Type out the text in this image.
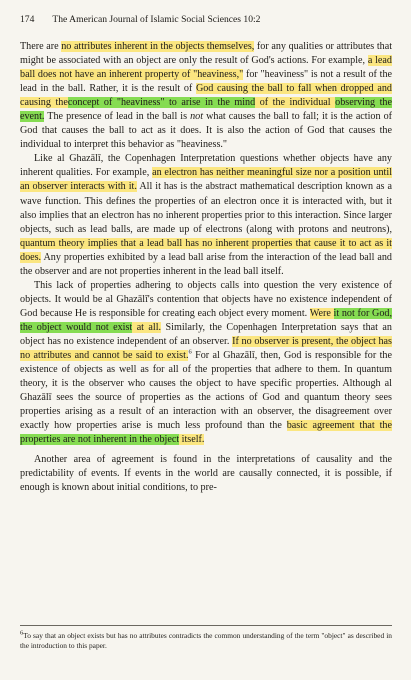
174 The American Journal of Islamic Social Sciences 10:2

There are no attributes inherent in the objects themselves, for any qualities or attributes that might be associated with an object are only the result of God's actions. For example, a lead ball does not have an inherent property of "heaviness," for "heaviness" is not a result of the lead in the ball. Rather, it is the result of God causing the ball to fall when dropped and causing theconcept of "heaviness" to arise in the mind of the individual observing the event. The presence of lead in the ball is not what causes the ball to fall; it is the action of God that causes the ball to act as it does. It is also the action of God that causes the individual to interpret this behavior as "heaviness."

Like al Ghazālī, the Copenhagen Interpretation questions whether objects have any inherent qualities. For example, an electron has neither meaningful size nor a position until an observer interacts with it. All it has is the abstract mathematical description known as a wave function. This defines the properties of an electron once it is interacted with, but it also implies that an electron has no inherent properties prior to this interaction. Since larger objects, such as lead balls, are made up of electrons (along with protons and neutrons), quantum theory implies that a lead ball has no inherent properties that cause it to act as it does. Any properties exhibited by a lead ball arise from the interaction of the lead ball and the observer and are not properties inherent in the lead ball itself.

This lack of properties adhering to objects calls into question the very existence of objects. It would be al Ghazālī's contention that objects have no existence independent of God because He is responsible for creating each object every moment. Were it not for God, the object would not exist at all. Similarly, the Copenhagen Interpretation says that an object has no existence independent of an observer. If no observer is present, the object has no attributes and cannot be said to exist.$^6$ For al Ghazālī, then, God is responsible for the existence of objects as well as for all of the properties that adhere to them. In quantum theory, it is the observer who causes the object to have specific properties. Although al Ghazālī sees the source of properties as the actions of God and quantum theory sees properties arising as a result of an interaction with an observer, the disagreement over exactly how properties arise is much less profound than the basic agreement that the properties are not inherent in the object itself.

Another area of agreement is found in the interpretations of causality and the predictability of events. If events in the world are causally connected, it is possible, if enough is known about initial conditions, to pre-

$^6$To say that an object exists but has no attributes contradicts the common understanding of the term "object" as described in the introduction to this paper.
